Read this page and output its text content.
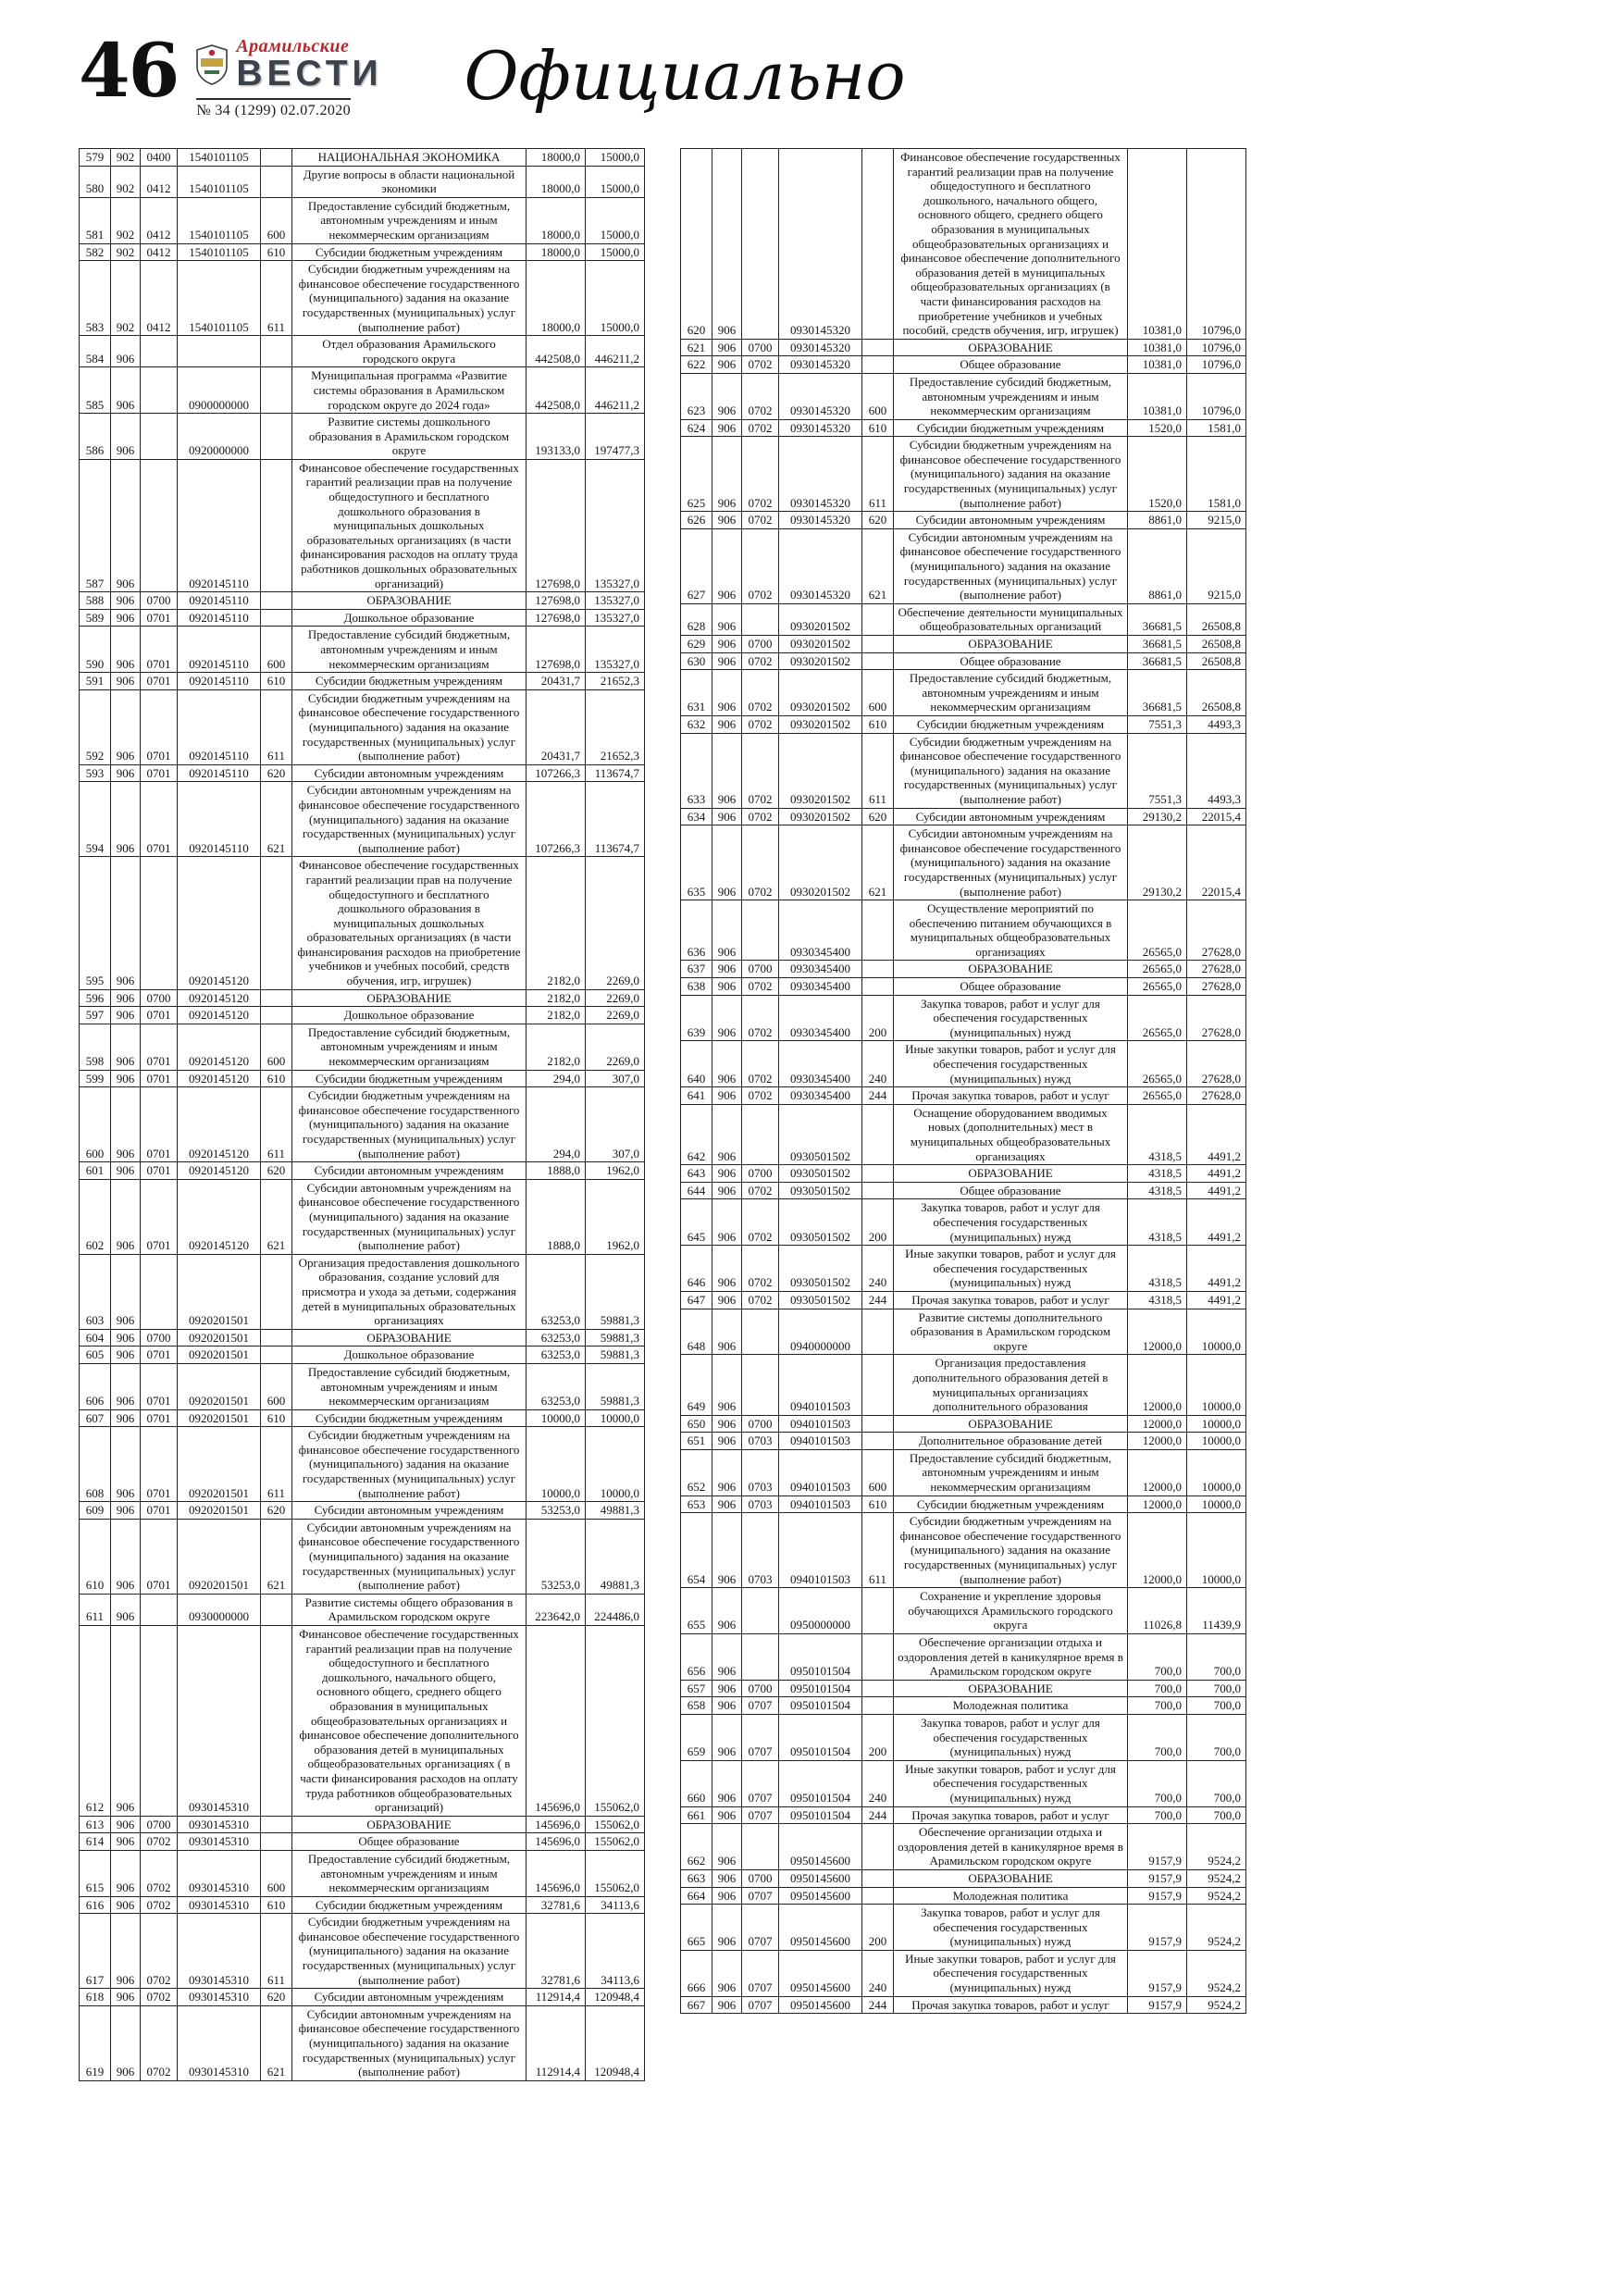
46	Арамильские
ВЕСТИ
№ 34 (1299) 02.07.2020	Официально
579	902	0400	1540101105		НАЦИОНАЛЬНАЯ ЭКОНОМИКА	18000,0	15000,0
580	902	0412	1540101105		Другие вопросы в области национальной экономики	18000,0	15000,0
581	902	0412	1540101105	600	Предоставление субсидий бюджетным, автономным учреждениям и иным некоммерческим организациям	18000,0	15000,0
582	902	0412	1540101105	610	Субсидии бюджетным учреждениям	18000,0	15000,0
583	902	0412	1540101105	611	Субсидии бюджетным учреждениям на финансовое обеспечение государственного (муниципального) задания на оказание государственных (муниципальных) услуг (выполнение работ)	18000,0	15000,0
584	906				Отдел образования Арамильского городского округа	442508,0	446211,2
585	906		0900000000		Муниципальная программа «Развитие системы образования в Арамильском городском округе до 2024 года»	442508,0	446211,2
586	906		0920000000		Развитие системы дошкольного образования в Арамильском городском округе	193133,0	197477,3
587	906		0920145110		Финансовое обеспечение государственных гарантий реализации прав на получение общедоступного и бесплатного дошкольного образования в муниципальных дошкольных образовательных организациях (в части финансирования расходов на оплату труда работников дошкольных образовательных организаций)	127698,0	135327,0
588	906	0700	0920145110		ОБРАЗОВАНИЕ	127698,0	135327,0
589	906	0701	0920145110		Дошкольное образование	127698,0	135327,0
590	906	0701	0920145110	600	Предоставление субсидий бюджетным, автономным учреждениям и иным некоммерческим организациям	127698,0	135327,0
591	906	0701	0920145110	610	Субсидии бюджетным учреждениям	20431,7	21652,3
592	906	0701	0920145110	611	Субсидии бюджетным учреждениям на финансовое обеспечение государственного (муниципального) задания на оказание государственных (муниципальных) услуг (выполнение работ)	20431,7	21652,3
593	906	0701	0920145110	620	Субсидии автономным учреждениям	107266,3	113674,7
594	906	0701	0920145110	621	Субсидии автономным учреждениям на финансовое обеспечение государственного (муниципального) задания на оказание государственных (муниципальных) услуг (выполнение работ)	107266,3	113674,7
595	906		0920145120		Финансовое обеспечение государственных гарантий реализации прав на получение общедоступного и бесплатного дошкольного образования в муниципальных дошкольных образовательных организациях (в части финансирования расходов на приобретение учебников и учебных пособий, средств обучения, игр, игрушек)	2182,0	2269,0
596	906	0700	0920145120		ОБРАЗОВАНИЕ	2182,0	2269,0
597	906	0701	0920145120		Дошкольное образование	2182,0	2269,0
598	906	0701	0920145120	600	Предоставление субсидий бюджетным, автономным учреждениям и иным некоммерческим организациям	2182,0	2269,0
599	906	0701	0920145120	610	Субсидии бюджетным учреждениям	294,0	307,0
600	906	0701	0920145120	611	Субсидии бюджетным учреждениям на финансовое обеспечение государственного (муниципального) задания на оказание государственных (муниципальных) услуг (выполнение работ)	294,0	307,0
601	906	0701	0920145120	620	Субсидии автономным учреждениям	1888,0	1962,0
602	906	0701	0920145120	621	Субсидии автономным учреждениям на финансовое обеспечение государственного (муниципального) задания на оказание государственных (муниципальных) услуг (выполнение работ)	1888,0	1962,0
603	906		0920201501		Организация предоставления дошкольного образования, создание условий для присмотра и ухода за детьми, содержания детей в муниципальных образовательных организациях	63253,0	59881,3
604	906	0700	0920201501		ОБРАЗОВАНИЕ	63253,0	59881,3
605	906	0701	0920201501		Дошкольное образование	63253,0	59881,3
606	906	0701	0920201501	600	Предоставление субсидий бюджетным, автономным учреждениям и иным некоммерческим организациям	63253,0	59881,3
607	906	0701	0920201501	610	Субсидии бюджетным учреждениям	10000,0	10000,0
608	906	0701	0920201501	611	Субсидии бюджетным учреждениям на финансовое обеспечение государственного (муниципального) задания на оказание государственных (муниципальных) услуг (выполнение работ)	10000,0	10000,0
609	906	0701	0920201501	620	Субсидии автономным учреждениям	53253,0	49881,3
610	906	0701	0920201501	621	Субсидии автономным учреждениям на финансовое обеспечение государственного (муниципального) задания на оказание государственных (муниципальных) услуг (выполнение работ)	53253,0	49881,3
611	906		0930000000		Развитие системы общего образования в Арамильском городском округе	223642,0	224486,0
612	906		0930145310		Финансовое обеспечение государственных гарантий реализации прав на получение общедоступного и бесплатного дошкольного, начального общего, основного общего, среднего общего образования в муниципальных общеобразовательных организациях и финансовое обеспечение дополнительного образования детей в муниципальных общеобразовательных организациях ( в части финансирования расходов на оплату труда работников общеобразовательных организаций)	145696,0	155062,0
613	906	0700	0930145310		ОБРАЗОВАНИЕ	145696,0	155062,0
614	906	0702	0930145310		Общее образование	145696,0	155062,0
615	906	0702	0930145310	600	Предоставление субсидий бюджетным, автономным учреждениям и иным некоммерческим организациям	145696,0	155062,0
616	906	0702	0930145310	610	Субсидии бюджетным учреждениям	32781,6	34113,6
617	906	0702	0930145310	611	Субсидии бюджетным учреждениям на финансовое обеспечение государственного (муниципального) задания на оказание государственных (муниципальных) услуг (выполнение работ)	32781,6	34113,6
618	906	0702	0930145310	620	Субсидии автономным учреждениям	112914,4	120948,4
619	906	0702	0930145310	621	Субсидии автономным учреждениям на финансовое обеспечение государственного (муниципального) задания на оказание государственных (муниципальных) услуг (выполнение работ)	112914,4	120948,4
620	906		0930145320		Финансовое обеспечение государственных гарантий реализации прав на получение общедоступного и бесплатного дошкольного, начального общего, основного общего, среднего общего образования в муниципальных общеобразовательных организациях и финансовое обеспечение дополнительного образования детей в муниципальных общеобразовательных организациях (в части финансирования расходов на приобретение учебников и учебных пособий, средств обучения, игр, игрушек)	10381,0	10796,0
621	906	0700	0930145320		ОБРАЗОВАНИЕ	10381,0	10796,0
622	906	0702	0930145320		Общее образование	10381,0	10796,0
623	906	0702	0930145320	600	Предоставление субсидий бюджетным, автономным учреждениям и иным некоммерческим организациям	10381,0	10796,0
624	906	0702	0930145320	610	Субсидии бюджетным учреждениям	1520,0	1581,0
625	906	0702	0930145320	611	Субсидии бюджетным учреждениям на финансовое обеспечение государственного (муниципального) задания на оказание государственных (муниципальных) услуг (выполнение работ)	1520,0	1581,0
626	906	0702	0930145320	620	Субсидии автономным учреждениям	8861,0	9215,0
627	906	0702	0930145320	621	Субсидии автономным учреждениям на финансовое обеспечение государственного (муниципального) задания на оказание государственных (муниципальных) услуг (выполнение работ)	8861,0	9215,0
628	906		0930201502		Обеспечение деятельности муниципальных общеобразовательных организаций	36681,5	26508,8
629	906	0700	0930201502		ОБРАЗОВАНИЕ	36681,5	26508,8
630	906	0702	0930201502		Общее образование	36681,5	26508,8
631	906	0702	0930201502	600	Предоставление субсидий бюджетным, автономным учреждениям и иным некоммерческим организациям	36681,5	26508,8
632	906	0702	0930201502	610	Субсидии бюджетным учреждениям	7551,3	4493,3
633	906	0702	0930201502	611	Субсидии бюджетным учреждениям на финансовое обеспечение государственного (муниципального) задания на оказание государственных (муниципальных) услуг (выполнение работ)	7551,3	4493,3
634	906	0702	0930201502	620	Субсидии автономным учреждениям	29130,2	22015,4
635	906	0702	0930201502	621	Субсидии автономным учреждениям на финансовое обеспечение государственного (муниципального) задания на оказание государственных (муниципальных) услуг (выполнение работ)	29130,2	22015,4
636	906		0930345400		Осуществление мероприятий по обеспечению питанием обучающихся в муниципальных общеобразовательных организациях	26565,0	27628,0
637	906	0700	0930345400		ОБРАЗОВАНИЕ	26565,0	27628,0
638	906	0702	0930345400		Общее образование	26565,0	27628,0
639	906	0702	0930345400	200	Закупка товаров, работ и услуг для обеспечения государственных (муниципальных) нужд	26565,0	27628,0
640	906	0702	0930345400	240	Иные закупки товаров, работ и услуг для обеспечения государственных (муниципальных) нужд	26565,0	27628,0
641	906	0702	0930345400	244	Прочая закупка товаров, работ и услуг	26565,0	27628,0
642	906		0930501502		Оснащение оборудованием вводимых новых (дополнительных) мест в муниципальных общеобразовательных организациях	4318,5	4491,2
643	906	0700	0930501502		ОБРАЗОВАНИЕ	4318,5	4491,2
644	906	0702	0930501502		Общее образование	4318,5	4491,2
645	906	0702	0930501502	200	Закупка товаров, работ и услуг для обеспечения государственных (муниципальных) нужд	4318,5	4491,2
646	906	0702	0930501502	240	Иные закупки товаров, работ и услуг для обеспечения государственных (муниципальных) нужд	4318,5	4491,2
647	906	0702	0930501502	244	Прочая закупка товаров, работ и услуг	4318,5	4491,2
648	906		0940000000		Развитие системы дополнительного образования в Арамильском городском округе	12000,0	10000,0
649	906		0940101503		Организация предоставления дополнительного образования детей в муниципальных организациях дополнительного образования	12000,0	10000,0
650	906	0700	0940101503		ОБРАЗОВАНИЕ	12000,0	10000,0
651	906	0703	0940101503		Дополнительное образование детей	12000,0	10000,0
652	906	0703	0940101503	600	Предоставление субсидий бюджетным, автономным учреждениям и иным некоммерческим организациям	12000,0	10000,0
653	906	0703	0940101503	610	Субсидии бюджетным учреждениям	12000,0	10000,0
654	906	0703	0940101503	611	Субсидии бюджетным учреждениям на финансовое обеспечение государственного (муниципального) задания на оказание государственных (муниципальных) услуг (выполнение работ)	12000,0	10000,0
655	906		0950000000		Сохранение и укрепление здоровья обучающихся Арамильского городского округа	11026,8	11439,9
656	906		0950101504		Обеспечение организации отдыха и оздоровления детей в каникулярное время в Арамильском городском округе	700,0	700,0
657	906	0700	0950101504		ОБРАЗОВАНИЕ	700,0	700,0
658	906	0707	0950101504		Молодежная политика	700,0	700,0
659	906	0707	0950101504	200	Закупка товаров, работ и услуг для обеспечения государственных (муниципальных) нужд	700,0	700,0
660	906	0707	0950101504	240	Иные закупки товаров, работ и услуг для обеспечения государственных (муниципальных) нужд	700,0	700,0
661	906	0707	0950101504	244	Прочая закупка товаров, работ и услуг	700,0	700,0
662	906		0950145600		Обеспечение организации отдыха и оздоровления детей в каникулярное время в Арамильском городском округе	9157,9	9524,2
663	906	0700	0950145600		ОБРАЗОВАНИЕ	9157,9	9524,2
664	906	0707	0950145600		Молодежная политика	9157,9	9524,2
665	906	0707	0950145600	200	Закупка товаров, работ и услуг для обеспечения государственных (муниципальных) нужд	9157,9	9524,2
666	906	0707	0950145600	240	Иные закупки товаров, работ и услуг для обеспечения государственных (муниципальных) нужд	9157,9	9524,2
667	906	0707	0950145600	244	Прочая закупка товаров, работ и услуг	9157,9	9524,2
